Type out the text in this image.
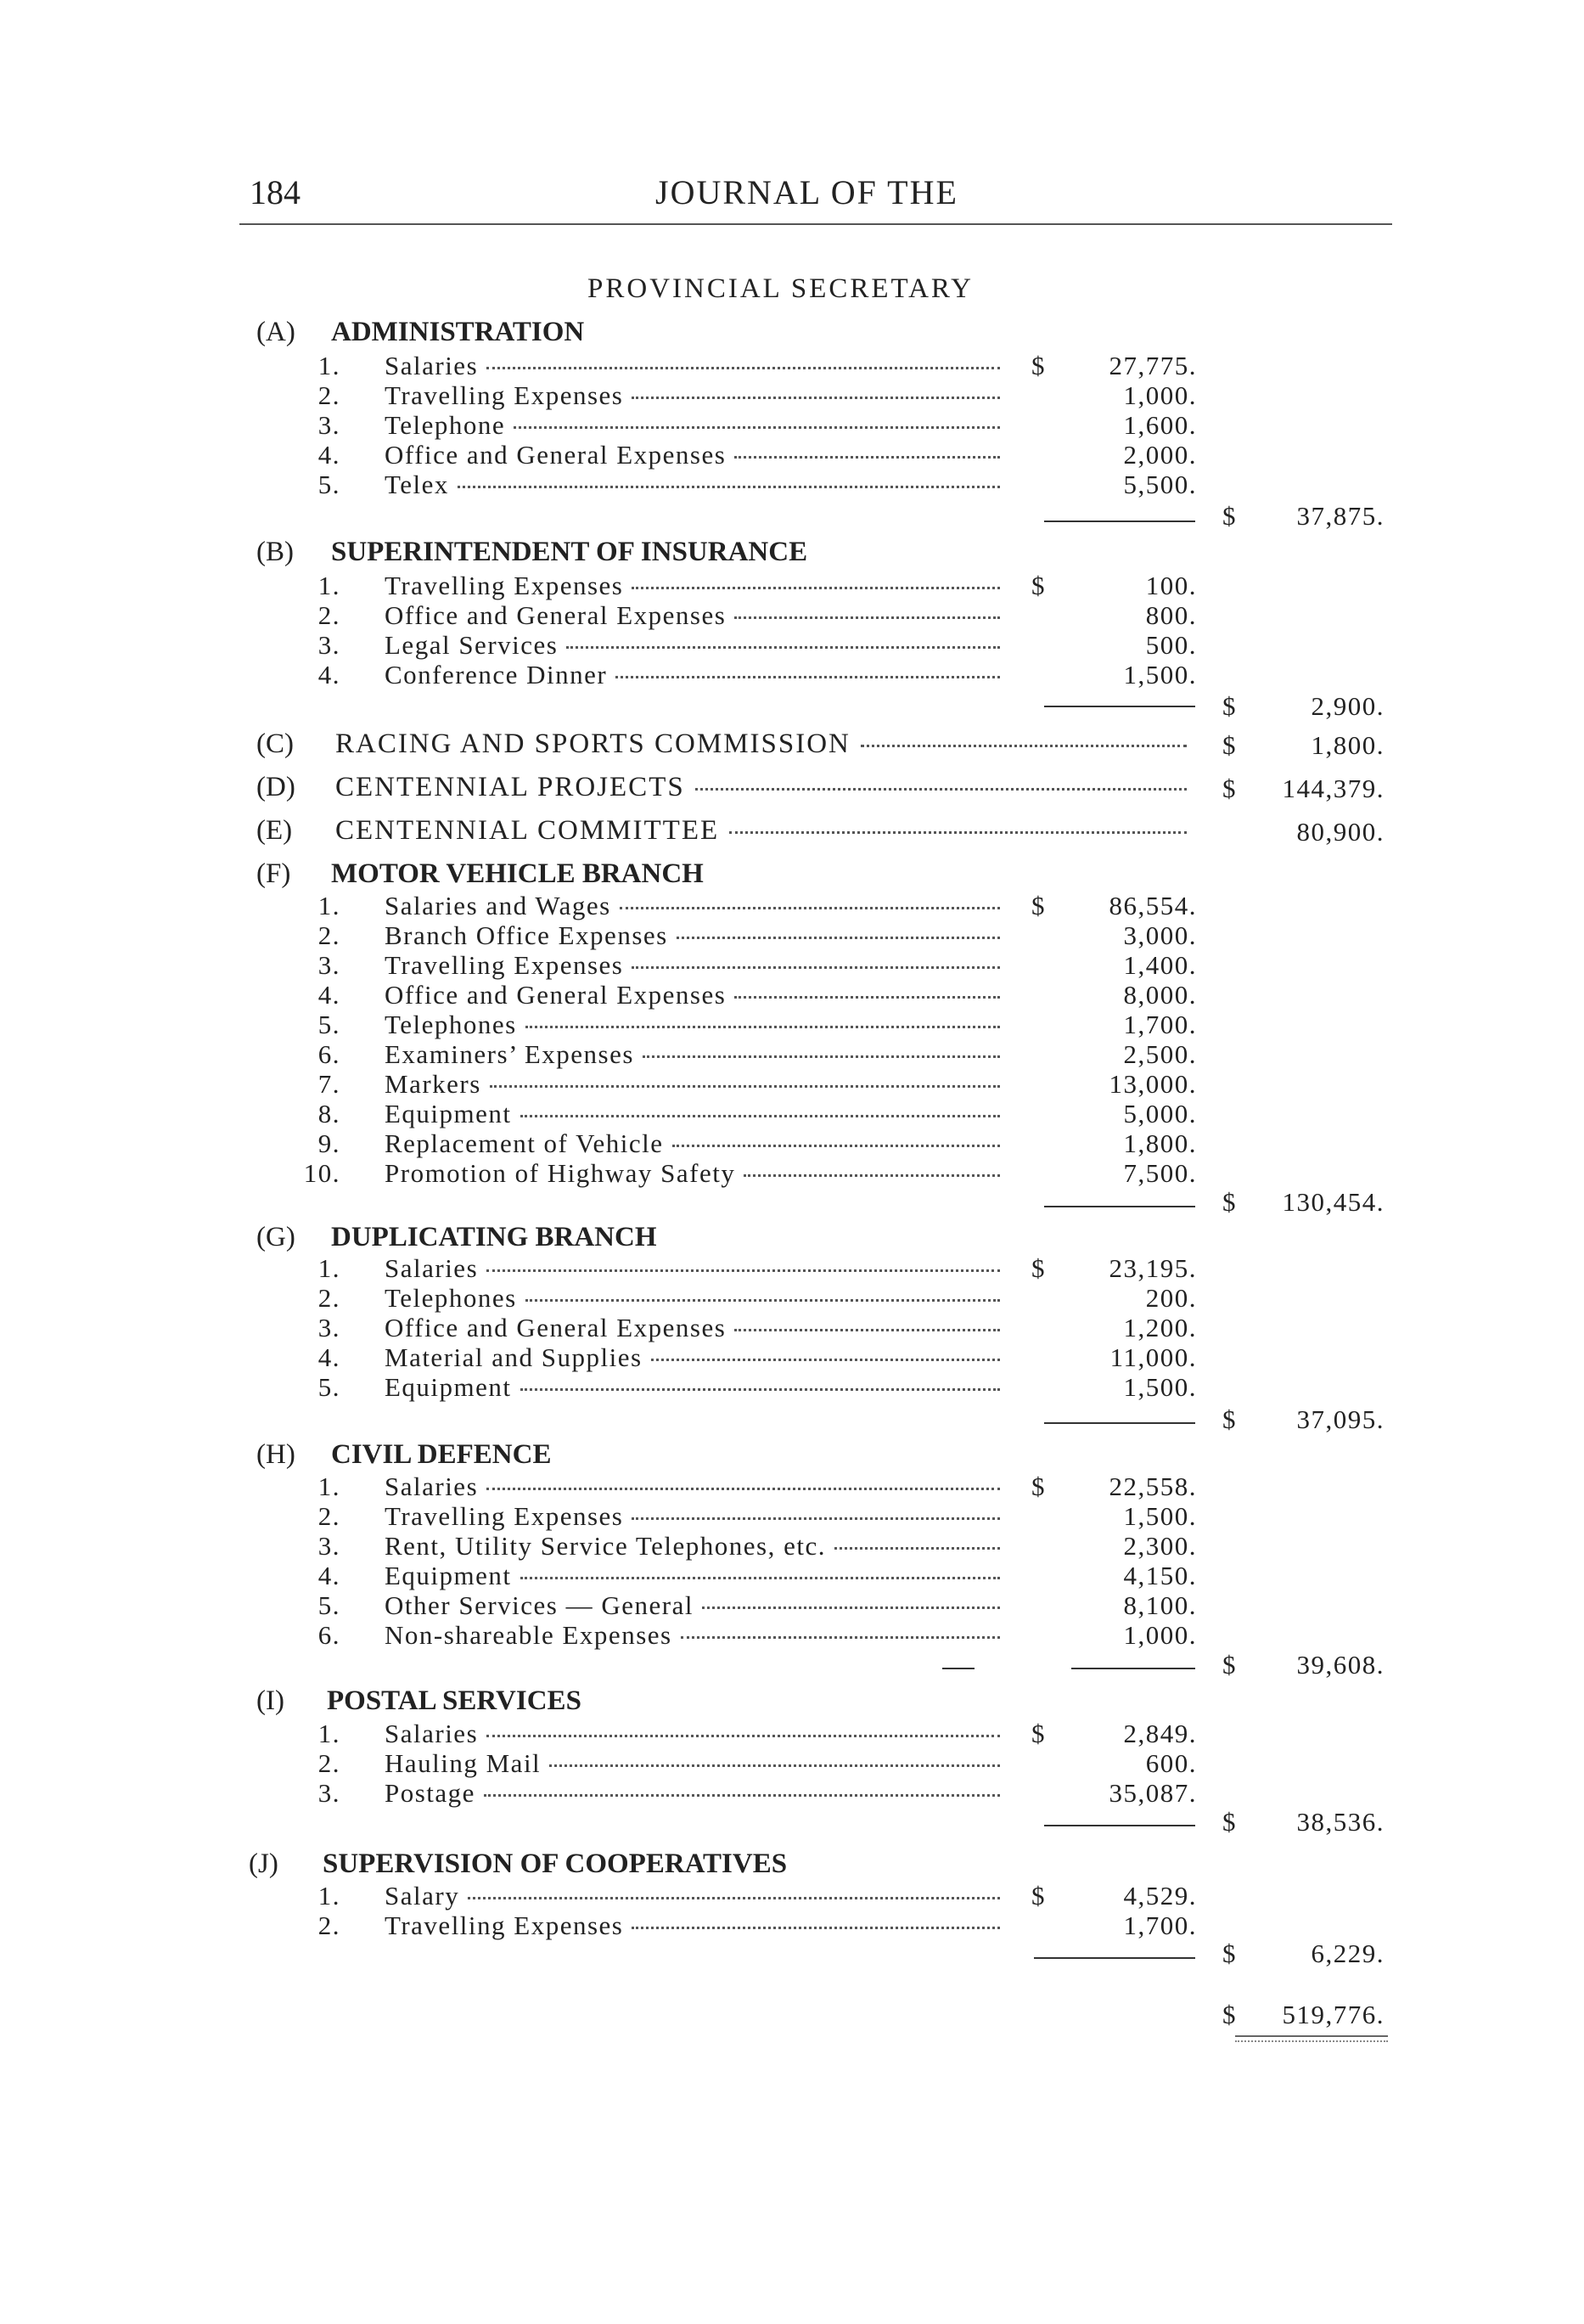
184	JOURNAL OF THE
PROVINCIAL SECRETARY
(A) ADMINISTRATION
1. Salaries	$ 27,775.
2. Travelling Expenses	1,000.
3. Telephone	1,600.
4. Office and General Expenses	2,000.
5. Telex	5,500.
$ 37,875.
(B) SUPERINTENDENT OF INSURANCE
1. Travelling Expenses	$	100.
2. Office and General Expenses	800.
3. Legal Services	500.
4. Conference Dinner	1,500.
$	2,900.
(C) RACING AND SPORTS COMMISSION	$	1,800.
(D) CENTENNIAL PROJECTS	$ 144,379.
(E) CENTENNIAL COMMITTEE	80,900.
(F) MOTOR VEHICLE BRANCH
1. Salaries and Wages	$ 86,554.
2. Branch Office Expenses	3,000.
3. Travelling Expenses	1,400.
4. Office and General Expenses	8,000.
5. Telephones	1,700.
6. Examiners’ Expenses	2,500.
7. Markers	13,000.
8. Equipment	5,000.
9. Replacement of Vehicle	1,800.
10. Promotion of Highway Safety	7,500.
$ 130,454.
(G) DUPLICATING BRANCH
1. Salaries	$ 23,195.
2. Telephones	200.
3. Office and General Expenses	1,200.
4. Material and Supplies	11,000.
5. Equipment	1,500.
$ 37,095.
(H) CIVIL DEFENCE
1. Salaries	$ 22,558.
2. Travelling Expenses	1,500.
3. Rent, Utility Service Telephones, etc.	2,300.
4. Equipment	4,150.
5. Other Services — General	8,100.
6. Non-shareable Expenses	1,000.
$ 39,608.
(I) POSTAL SERVICES
1. Salaries	$	2,849.
2. Hauling Mail	600.
3. Postage	35,087.
$ 38,536.
(J) SUPERVISION OF COOPERATIVES
1. Salary	$	4,529.
2. Travelling Expenses	1,700.
$	6,229.
$ 519,776.
